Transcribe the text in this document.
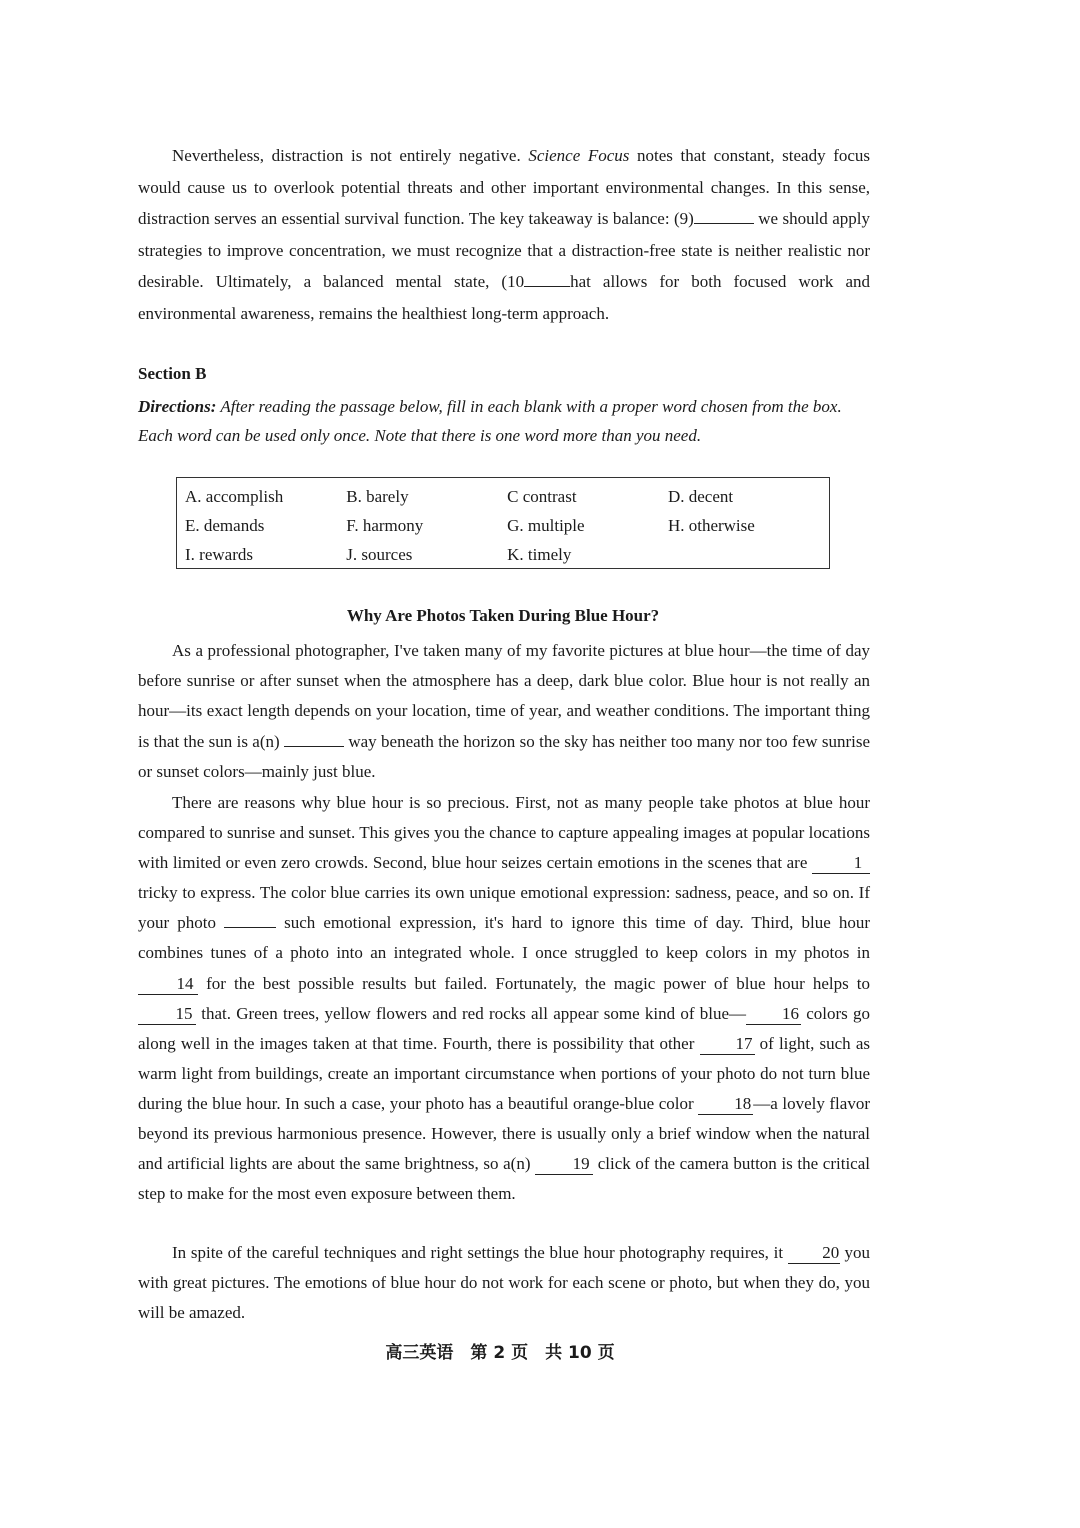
Nevertheless, distraction is not entirely negative. Science Focus notes that constant, steady focus would cause us to overlook potential threats and other important environmental changes. In this sense, distraction serves an essential survival function. The key takeaway is balance: (9)	we should apply strategies to improve concentration, we must recognize that a distraction-free state is neither realistic nor desirable. Ultimately, a balanced mental state, (10	hat allows for both focused work and environmental awareness, remains the healthiest long-term approach.

Section B

Directions: After reading the passage below, fill in each blank with a proper word chosen from the box. Each word can be used only once. Note that there is one word more than you need.

A. accomplish	B. barely	C contrast	D. decent
E. demands	F. harmony	G. multiple	H. otherwise
I. rewards	J. sources	K. timely	

Why Are Photos Taken During Blue Hour?

As a professional photographer, I've taken many of my favorite pictures at blue hour—the time of day before sunrise or after sunset when the atmosphere has a deep, dark blue color. Blue hour is not really an hour—its exact length depends on your location, time of year, and weather conditions. The important thing is that the sun is a(n)	way beneath the horizon so the sky has neither too many nor too few sunrise or sunset colors—mainly just blue.

There are reasons why blue hour is so precious. First, not as many people take photos at blue hour compared to sunrise and sunset. This gives you the chance to capture appealing images at popular locations with limited or even zero crowds. Second, blue hour seizes certain emotions in the scenes that are 1 tricky to express. The color blue carries its own unique emotional expression: sadness, peace, and so on. If your photo	such emotional expression, it's hard to ignore this time of day. Third, blue hour combines tunes of a photo into an integrated whole. I once struggled to keep colors in my photos in 14 for the best possible results but failed. Fortunately, the magic power of blue hour helps to 15 that. Green trees, yellow flowers and red rocks all appear some kind of blue— 16 colors go along well in the images taken at that time. Fourth, there is possibility that other 17 of light, such as warm light from buildings, create an important circumstance when portions of your photo do not turn blue during the blue hour. In such a case, your photo has a beautiful orange-blue color 18 —a lovely flavor beyond its previous harmonious presence. However, there is usually only a brief window when the natural and artificial lights are about the same brightness, so a(n) 19 click of the camera button is the critical step to make for the most even exposure between them.

In spite of the careful techniques and right settings the blue hour photography requires, it 20 you with great pictures. The emotions of blue hour do not work for each scene or photo, but when they do, you will be amazed.

高三英语　第 2 页　共 10 页
